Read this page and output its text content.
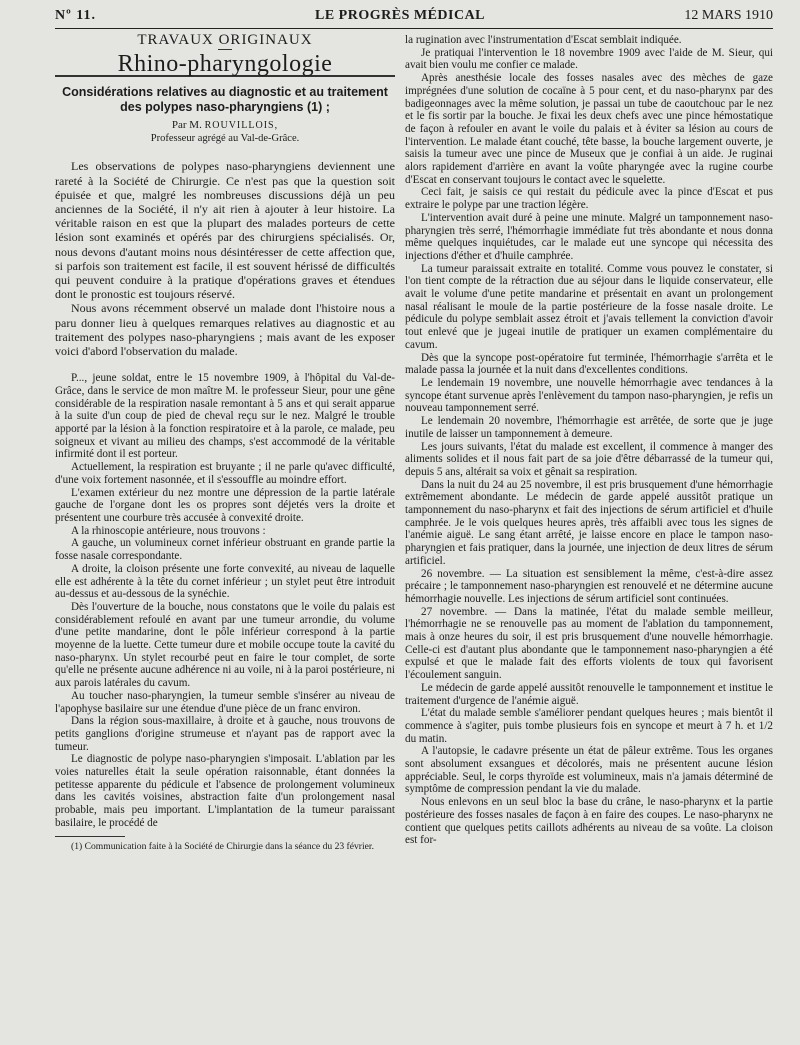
Nº 11.	LE PROGRÈS MÉDICAL	12 MARS 1910
TRAVAUX ORIGINAUX
Rhino-pharyngologie
Considérations relatives au diagnostic et au traitement des polypes naso-pharyngiens (1) ;
Par M. ROUVILLOIS,
Professeur agrégé au Val-de-Grâce.

Les observations de polypes naso-pharyngiens deviennent une rareté à la Société de Chirurgie. Ce n'est pas que la question soit épuisée et que, malgré les nombreuses discussions déjà un peu anciennes de la Société, il n'y ait rien à ajouter à leur histoire. La véritable raison en est que la plupart des malades porteurs de cette lésion sont examinés et opérés par des chirurgiens spécialisés. Or, nous devons d'autant moins nous désintéresser de cette affection que, si parfois son traitement est facile, il est souvent hérissé de difficultés qui peuvent conduire à la pratique d'opérations graves et étendues dont le pronostic est toujours réservé.

Nous avons récemment observé un malade dont l'histoire nous a paru donner lieu à quelques remarques relatives au diagnostic et au traitement des polypes naso-pharyngiens ; mais avant de les exposer voici d'abord l'observation du malade.

P..., jeune soldat, entre le 15 novembre 1909, à l'hôpital du Val-de-Grâce, dans le service de mon maître M. le professeur Sieur, pour une gêne considérable de la respiration nasale remontant à 5 ans et qui serait apparue à la suite d'un coup de pied de cheval reçu sur le nez. Malgré le trouble apporté par la lésion à la fonction respiratoire et à la parole, ce malade, peu soigneux et vivant au milieu des champs, s'est accommodé de la véritable infirmité dont il est porteur.

Actuellement, la respiration est bruyante ; il ne parle qu'avec difficulté, d'une voix fortement nasonnée, et il s'essouffle au moindre effort.

L'examen extérieur du nez montre une dépression de la partie latérale gauche de l'organe dont les os propres sont déjetés vers la droite et présentent une courbure très accusée à convexité droite.

A la rhinoscopie antérieure, nous trouvons :

A gauche, un volumineux cornet inférieur obstruant en grande partie la fosse nasale correspondante.

A droite, la cloison présente une forte convexité, au niveau de laquelle elle est adhérente à la tête du cornet inférieur ; un stylet peut être introduit au-dessus et au-dessous de la synéchie.

Dès l'ouverture de la bouche, nous constatons que le voile du palais est considérablement refoulé en avant par une tumeur arrondie, du volume d'une petite mandarine, dont le pôle inférieur correspond à la partie moyenne de la luette. Cette tumeur dure et mobile occupe toute la cavité du naso-pharynx. Un stylet recourbé peut en faire le tour complet, de sorte qu'elle ne présente aucune adhérence ni au voile, ni à la paroi postérieure, ni aux parois latérales du cavum.

Au toucher naso-pharyngien, la tumeur semble s'insérer au niveau de l'apophyse basilaire sur une étendue d'une pièce de un franc environ.

Dans la région sous-maxillaire, à droite et à gauche, nous trouvons de petits ganglions d'origine strumeuse et n'ayant pas de rapport avec la tumeur.

Le diagnostic de polype naso-pharyngien s'imposait. L'ablation par les voies naturelles était la seule opération raisonnable, étant données la petitesse apparente du pédicule et l'absence de prolongement volumineux dans les cavités voisines, abstraction faite d'un prolongement nasal probable, mais peu important. L'implantation de la tumeur paraissant basilaire, le procédé de

(1) Communication faite à la Société de Chirurgie dans la séance du 23 février.

la rugination avec l'instrumentation d'Escat semblait indiquée.

Je pratiquai l'intervention le 18 novembre 1909 avec l'aide de M. Sieur, qui avait bien voulu me confier ce malade.

Après anesthésie locale des fosses nasales avec des mèches de gaze imprégnées d'une solution de cocaïne à 5 pour cent, et du naso-pharynx par des badigeonnages avec la même solution, je passai un tube de caoutchouc par le nez et le fis sortir par la bouche. Je fixai les deux chefs avec une pince hémostatique de façon à refouler en avant le voile du palais et à éviter sa lésion au cours de l'intervention. Le malade étant couché, tête basse, la bouche largement ouverte, je saisis la tumeur avec une pince de Museux que je confiai à un aide. Je ruginai alors rapidement d'arrière en avant la voûte pharyngée avec la rugine courbe d'Escat en conservant toujours le contact avec le squelette.

Ceci fait, je saisis ce qui restait du pédicule avec la pince d'Escat et pus extraire le polype par une traction légère.

L'intervention avait duré à peine une minute. Malgré un tamponnement naso-pharyngien très serré, l'hémorrhagie immédiate fut très abondante et nous donna même quelques inquiétudes, car le malade eut une syncope qui nécessita des injections d'éther et d'huile camphrée.

La tumeur paraissait extraite en totalité. Comme vous pouvez le constater, si l'on tient compte de la rétraction due au séjour dans le liquide conservateur, elle avait le volume d'une petite mandarine et présentait en avant un prolongement nasal réalisant le moule de la partie postérieure de la fosse nasale droite. Le pédicule du polype semblait assez étroit et j'avais tellement la conviction d'avoir tout enlevé que je jugeai inutile de pratiquer un examen complémentaire du cavum.

Dès que la syncope post-opératoire fut terminée, l'hémorrhagie s'arrêta et le malade passa la journée et la nuit dans d'excellentes conditions.

Le lendemain 19 novembre, une nouvelle hémorrhagie avec tendances à la syncope étant survenue après l'enlèvement du tampon naso-pharyngien, je refis un nouveau tamponnement serré.

Le lendemain 20 novembre, l'hémorrhagie est arrêtée, de sorte que je juge inutile de laisser un tamponnement à demeure.

Les jours suivants, l'état du malade est excellent, il commence à manger des aliments solides et il nous fait part de sa joie d'être débarrassé de la tumeur qui, depuis 5 ans, altérait sa voix et gênait sa respiration.

Dans la nuit du 24 au 25 novembre, il est pris brusquement d'une hémorrhagie extrêmement abondante. Le médecin de garde appelé aussitôt pratique un tamponnement du naso-pharynx et fait des injections de sérum artificiel et d'huile camphrée. Je le vois quelques heures après, très affaibli avec tous les signes de l'anémie aiguë. Le sang étant arrêté, je laisse encore en place le tampon naso-pharyngien et fais pratiquer, dans la journée, une injection de deux litres de sérum artificiel.

26 novembre. — La situation est sensiblement la même, c'est-à-dire assez précaire ; le tamponnement naso-pharyngien est renouvelé et ne détermine aucune hémorrhagie nouvelle. Les injections de sérum artificiel sont continuées.

27 novembre. — Dans la matinée, l'état du malade semble meilleur, l'hémorrhagie ne se renouvelle pas au moment de l'ablation du tamponnement, mais à onze heures du soir, il est pris brusquement d'une nouvelle hémorrhagie. Celle-ci est d'autant plus abondante que le tamponnement naso-pharyngien a été expulsé et que le malade fait des efforts violents de toux qui favorisent l'écoulement sanguin.

Le médecin de garde appelé aussitôt renouvelle le tamponnement et institue le traitement d'urgence de l'anémie aiguë.

L'état du malade semble s'améliorer pendant quelques heures ; mais bientôt il commence à s'agiter, puis tombe plusieurs fois en syncope et meurt à 7 h. et 1/2 du matin.

A l'autopsie, le cadavre présente un état de pâleur extrême. Tous les organes sont absolument exsangues et décolorés, mais ne présentent aucune lésion appréciable. Seul, le corps thyroïde est volumineux, mais n'a jamais déterminé de symptôme de compression pendant la vie du malade.

Nous enlevons en un seul bloc la base du crâne, le naso-pharynx et la partie postérieure des fosses nasales de façon à en faire des coupes. Le naso-pharynx ne contient que quelques petits caillots adhérents au niveau de sa voûte. La cloison est for-
